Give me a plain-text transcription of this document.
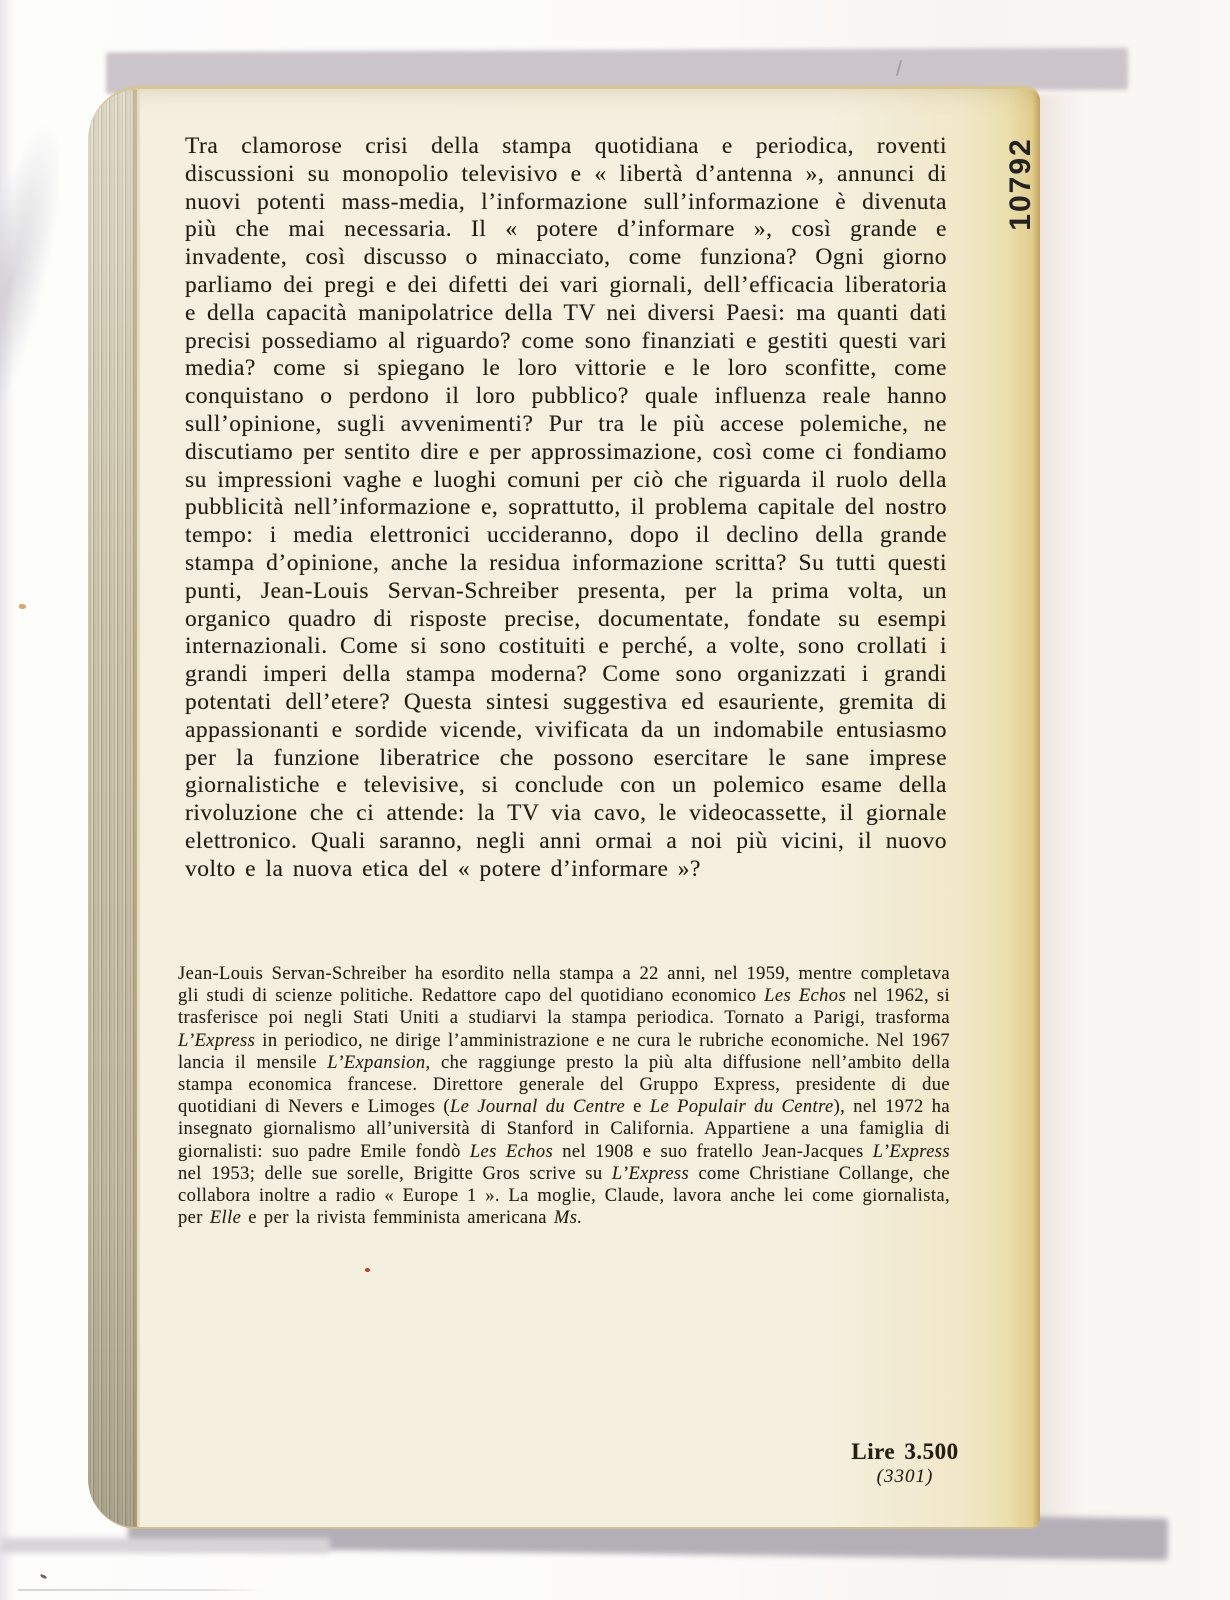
Tra clamorose crisi della stampa quotidiana e periodica, roventi discussioni su monopolio televisivo e « libertà d’antenna », annunci di nuovi potenti mass-media, l’informazione sull’informazione è divenuta più che mai necessaria. Il « potere d’informare », così grande e invadente, così discusso o minacciato, come funziona? Ogni giorno parliamo dei pregi e dei difetti dei vari giornali, dell’efficacia liberatoria e della capacità manipolatrice della TV nei diversi Paesi: ma quanti dati precisi possediamo al riguardo? come sono finanziati e gestiti questi vari media? come si spiegano le loro vittorie e le loro sconfitte, come conquistano o perdono il loro pubblico? quale influenza reale hanno sull’opinione, sugli avvenimenti? Pur tra le più accese polemiche, ne discutiamo per sentito dire e per approssimazione, così come ci fondiamo su impressioni vaghe e luoghi comuni per ciò che riguarda il ruolo della pubblicità nell’informazione e, soprattutto, il problema capitale del nostro tempo: i media elettronici uccideranno, dopo il declino della grande stampa d’opinione, anche la residua informazione scritta? Su tutti questi punti, Jean-Louis Servan-Schreiber presenta, per la prima volta, un organico quadro di risposte precise, documentate, fondate su esempi internazionali. Come si sono costituiti e perché, a volte, sono crollati i grandi imperi della stampa moderna? Come sono organizzati i grandi potentati dell’etere? Questa sintesi suggestiva ed esauriente, gremita di appassionanti e sordide vicende, vivificata da un indomabile entusiasmo per la funzione liberatrice che possono esercitare le sane imprese giornalistiche e televisive, si conclude con un polemico esame della rivoluzione che ci attende: la TV via cavo, le videocassette, il giornale elettronico. Quali saranno, negli anni ormai a noi più vicini, il nuovo volto e la nuova etica del « potere d’informare »?
Jean-Louis Servan-Schreiber ha esordito nella stampa a 22 anni, nel 1959, mentre completava gli studi di scienze politiche. Redattore capo del quotidiano economico Les Echos nel 1962, si trasferisce poi negli Stati Uniti a studiarvi la stampa periodica. Tornato a Parigi, trasforma L’Express in periodico, ne dirige l’amministrazione e ne cura le rubriche economiche. Nel 1967 lancia il mensile L’Expansion, che raggiunge presto la più alta diffusione nell’ambito della stampa economica francese. Direttore generale del Gruppo Express, presidente di due quotidiani di Nevers e Limoges (Le Journal du Centre e Le Populair du Centre), nel 1972 ha insegnato giornalismo all’università di Stanford in California. Appartiene a una famiglia di giornalisti: suo padre Emile fondò Les Echos nel 1908 e suo fratello Jean-Jacques L’Express nel 1953; delle sue sorelle, Brigitte Gros scrive su L’Express come Christiane Collange, che collabora inoltre a radio « Europe 1 ». La moglie, Claude, lavora anche lei come giornalista, per Elle e per la rivista femminista americana Ms.
10792
Lire 3.500
(3301)
